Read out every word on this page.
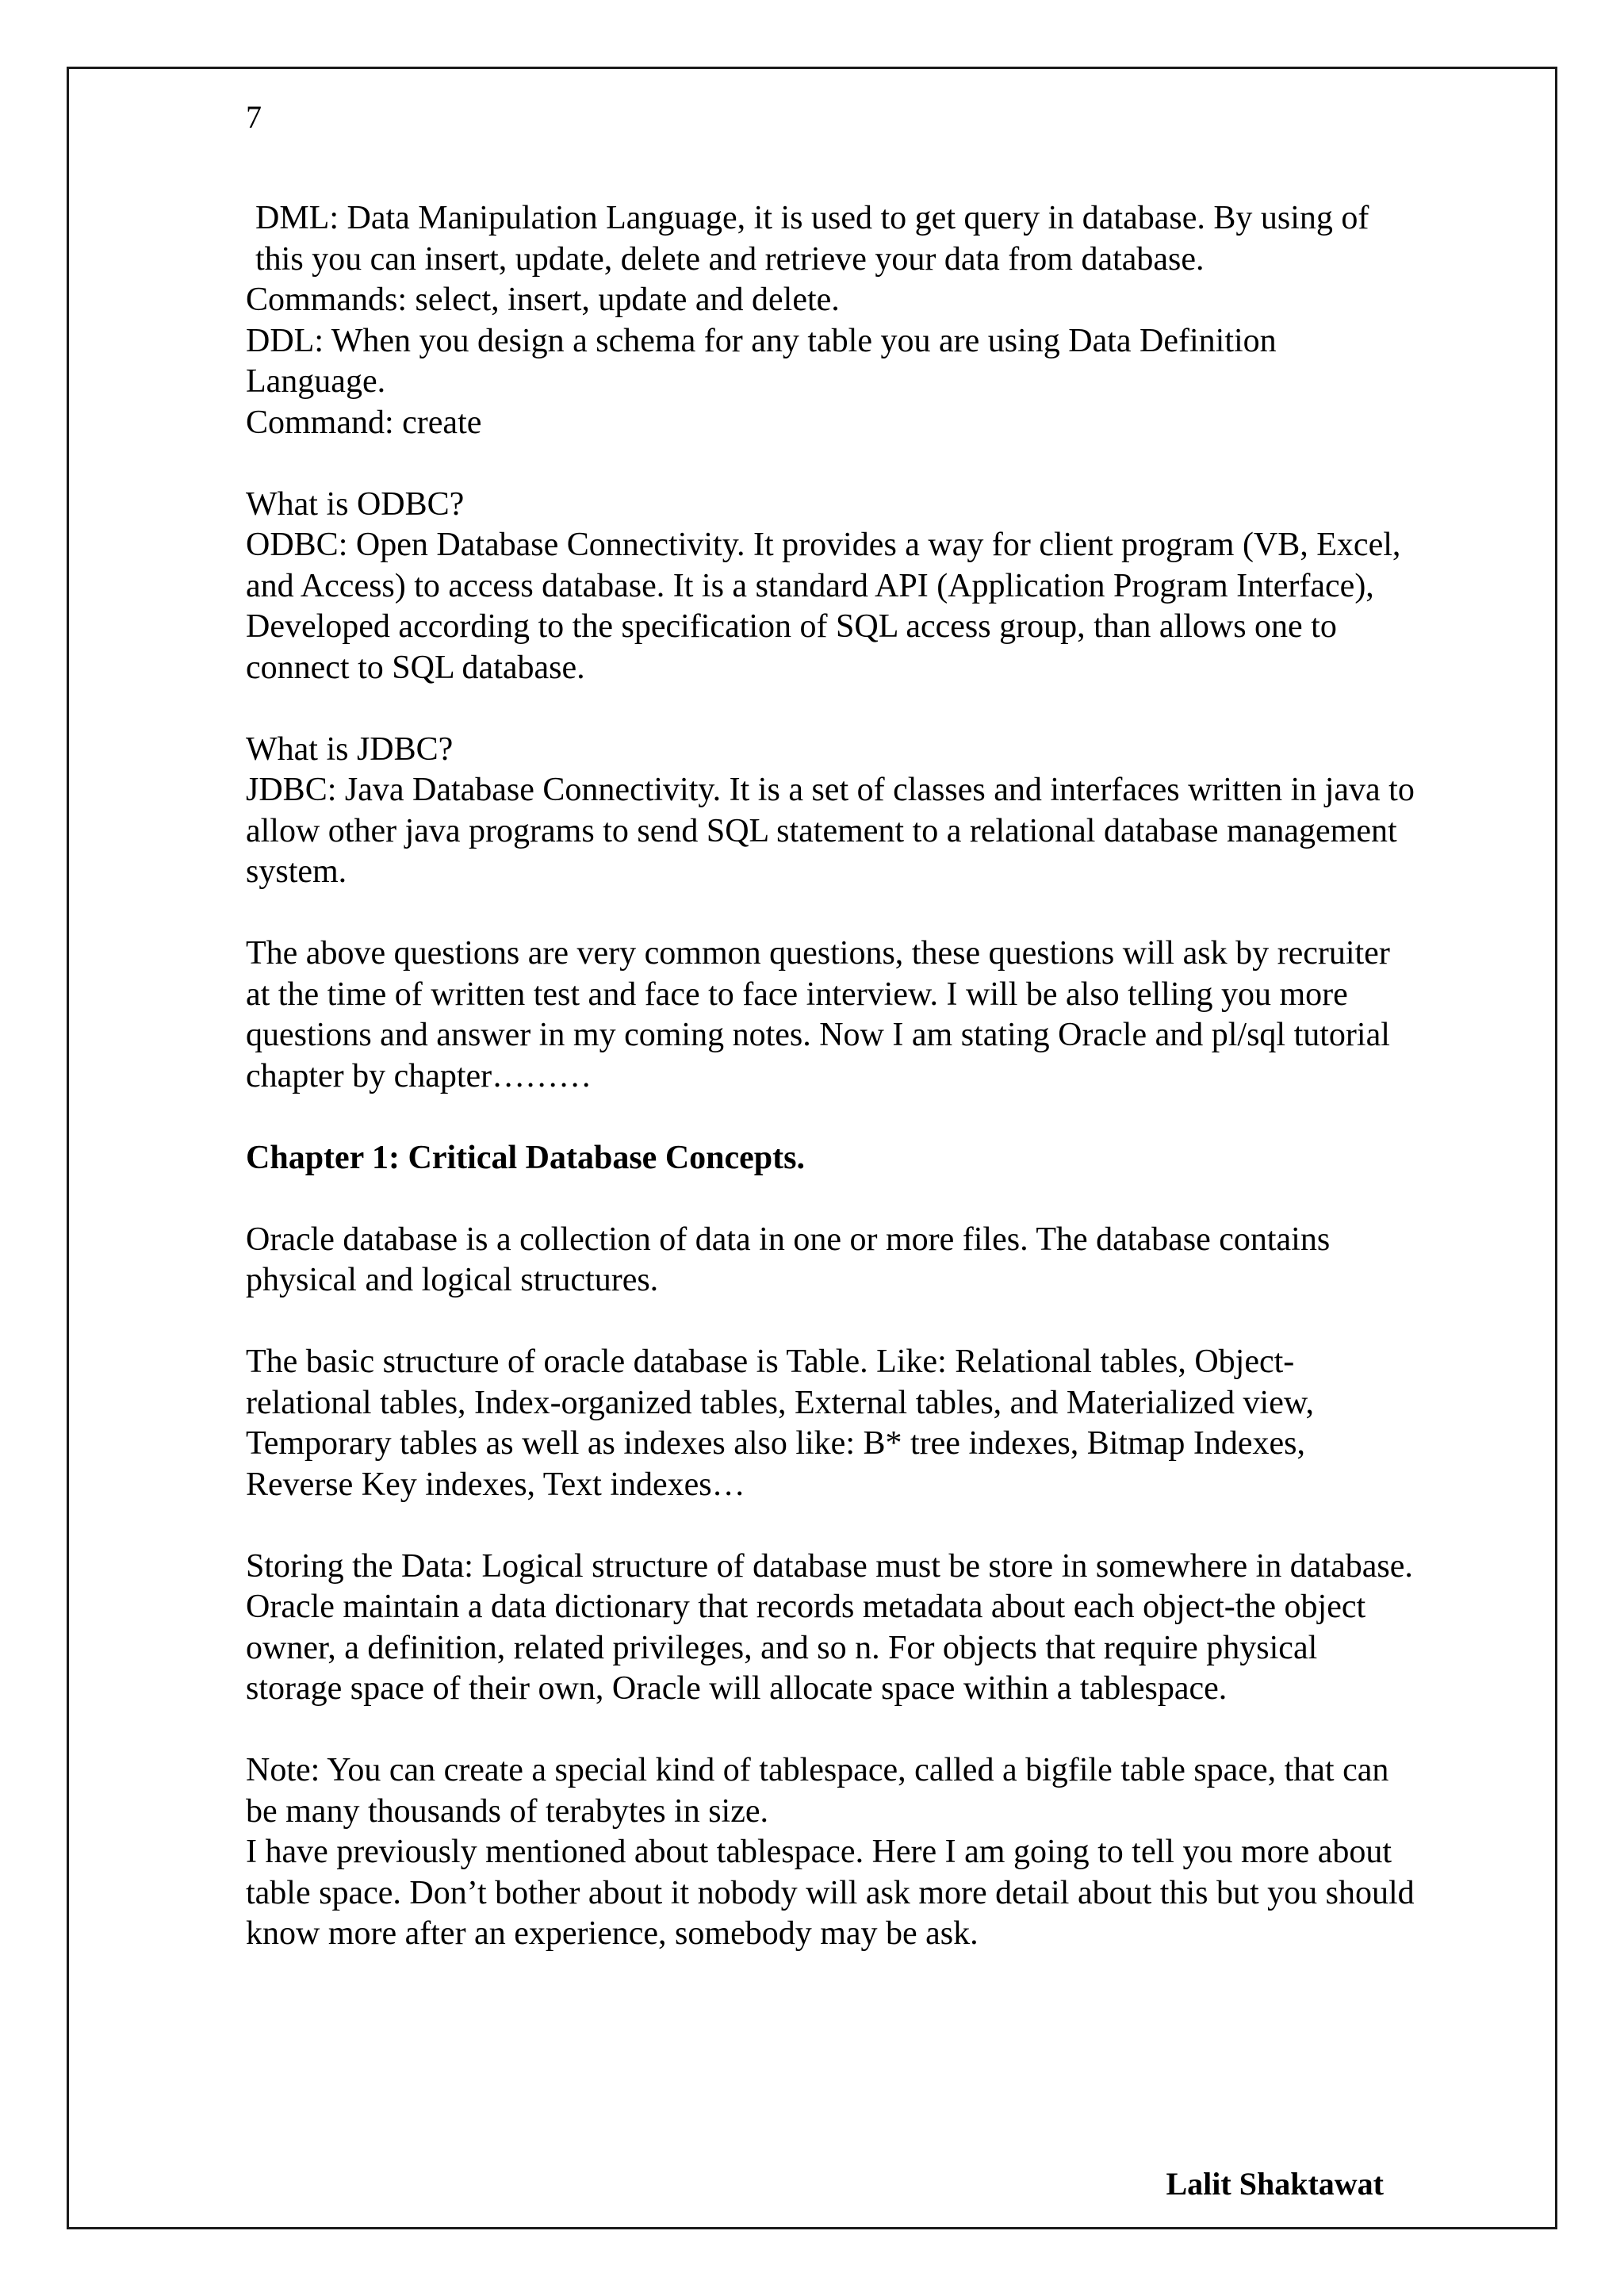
7

DML: Data Manipulation Language, it is used to get query in database. By using of this you can insert, update, delete and retrieve your data from database.

Commands: select, insert, update and delete.

DDL: When you design a schema for any table you are using Data Definition Language.

Command: create

What is ODBC?

ODBC: Open Database Connectivity. It provides a way for client program (VB, Excel, and Access) to access database. It is a standard API (Application Program Interface), Developed according to the specification of SQL access group, than allows one to connect to SQL database.

What is JDBC?

JDBC: Java Database Connectivity. It is a set of classes and interfaces written in java to allow other java programs to send SQL statement to a relational database management system.

The above questions are very common questions, these questions will ask by recruiter at the time of written test and face to face interview. I will be also telling you more questions and answer in my coming notes. Now I am stating Oracle and pl/sql tutorial chapter by chapter………

Chapter 1: Critical Database Concepts.

Oracle database is a collection of data in one or more files. The database contains physical and logical structures.

The basic structure of oracle database is Table. Like: Relational tables, Object-relational tables, Index-organized tables, External tables, and Materialized view, Temporary tables as well as indexes also like: B* tree indexes, Bitmap Indexes, Reverse Key indexes, Text indexes…

Storing the Data: Logical structure of database must be store in somewhere in database. Oracle maintain a data dictionary that records metadata about each object-the object owner, a definition, related privileges, and so n. For objects that require physical storage space of their own, Oracle will allocate space within a tablespace.

Note: You can create a special kind of tablespace, called a bigfile table space, that can be many thousands of terabytes in size.

I have previously mentioned about tablespace. Here I am going to tell you more about table space. Don’t bother about it nobody will ask more detail about this but you should know more after an experience, somebody may be ask.

Lalit Shaktawat
